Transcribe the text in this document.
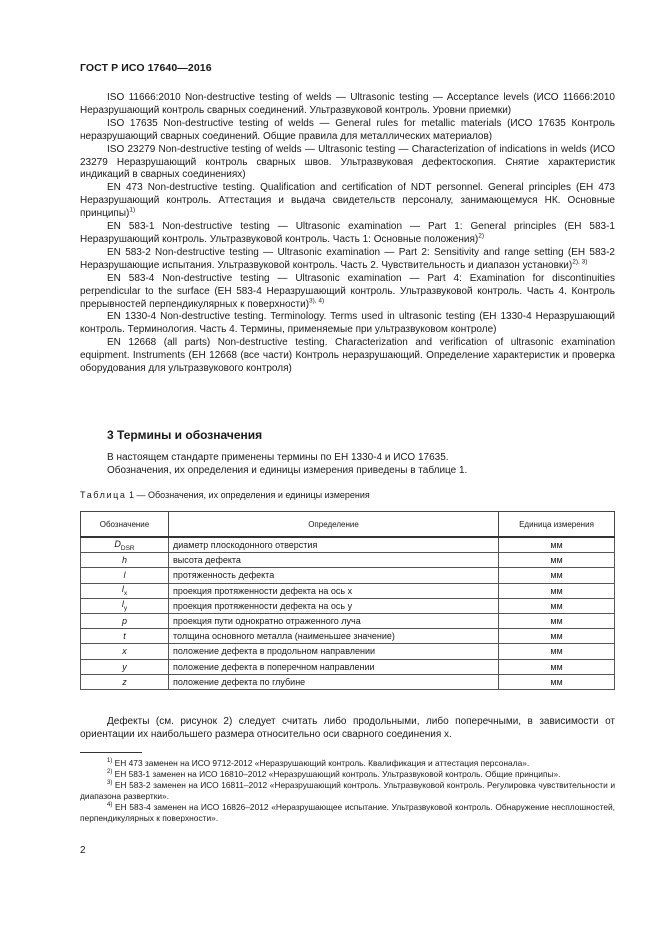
ГОСТ Р ИСО 17640—2016

ISO 11666:2010 Non-destructive testing of welds — Ultrasonic testing — Acceptance levels (ИСО 11666:2010 Неразрушающий контроль сварных соединений. Ультразвуковой контроль. Уровни приемки)

ISO 17635 Non-destructive testing of welds — General rules for metallic materials (ИСО 17635 Контроль неразрушающий сварных соединений. Общие правила для металлических материалов)

ISO 23279 Non-destructive testing of welds — Ultrasonic testing — Characterization of indications in welds (ИСО 23279 Неразрушающий контроль сварных швов. Ультразвуковая дефектоскопия. Снятие характеристик индикаций в сварных соединениях)

EN 473 Non-destructive testing. Qualification and certification of NDT personnel. General principles (ЕН 473 Неразрушающий контроль. Аттестация и выдача свидетельств персоналу, занимающемуся НК. Основные принципы)$^{1)}$

EN 583-1 Non-destructive testing — Ultrasonic examination — Part 1: General principles (ЕН 583-1 Неразрушающий контроль. Ультразвуковой контроль. Часть 1: Основные положения)$^{2)}$

EN 583-2 Non-destructive testing — Ultrasonic examination — Part 2: Sensitivity and range setting (ЕН 583-2 Неразрушающие испытания. Ультразвуковой контроль. Часть 2. Чувствительность и диапазон установки)$^{2), 3)}$

EN 583-4 Non-destructive testing — Ultrasonic examination — Part 4: Examination for discontinuities perpendicular to the surface (ЕН 583-4 Неразрушающий контроль. Ультразвуковой контроль. Часть 4. Контроль прерывностей перпендикулярных к поверхности)$^{3), 4)}$

EN 1330-4 Non-destructive testing. Terminology. Terms used in ultrasonic testing (ЕН 1330-4 Неразрушающий контроль. Терминология. Часть 4. Термины, применяемые при ультразвуковом контроле)

EN 12668 (all parts) Non-destructive testing. Characterization and verification of ultrasonic examination equipment. Instruments (ЕН 12668 (все части) Контроль неразрушающий. Определение характеристик и проверка оборудования для ультразвукового контроля)

3 Термины и обозначения

В настоящем стандарте применены термины по ЕН 1330-4 и ИСО 17635.

Обозначения, их определения и единицы измерения приведены в таблице 1.

Таблица 1 — Обозначения, их определения и единицы измерения
Обозначение	Определение	Единица измерения
$D_{DSR}$	диаметр плоскодонного отверстия	мм
h	высота дефекта	мм
l	протяженность дефекта	мм
$l_x$	проекция протяженности дефекта на ось x	мм
$l_y$	проекция протяженности дефекта на ось y	мм
p	проекция пути однократно отраженного луча	мм
t	толщина основного металла (наименьшее значение)	мм
x	положение дефекта в продольном направлении	мм
y	положение дефекта в поперечном направлении	мм
z	положение дефекта по глубине	мм

Дефекты (см. рисунок 2) следует считать либо продольными, либо поперечными, в зависимости от ориентации их наибольшего размера относительно оси сварного соединения x.

$^{1)}$ ЕН 473 заменен на ИСО 9712-2012 «Неразрушающий контроль. Квалификация и аттестация персонала».

$^{2)}$ ЕН 583-1 заменен на ИСО 16810–2012 «Неразрушающий контроль. Ультразвуковой контроль. Общие принципы».

$^{3)}$ ЕН 583-2 заменен на ИСО 16811–2012 «Неразрушающий контроль. Ультразвуковой контроль. Регулировка чувствительности и диапазона развертки».

$^{4)}$ ЕН 583-4 заменен на ИСО 16826–2012 «Неразрушающее испытание. Ультразвуковой контроль. Обнаружение несплошностей, перпендикулярных к поверхности».

2
